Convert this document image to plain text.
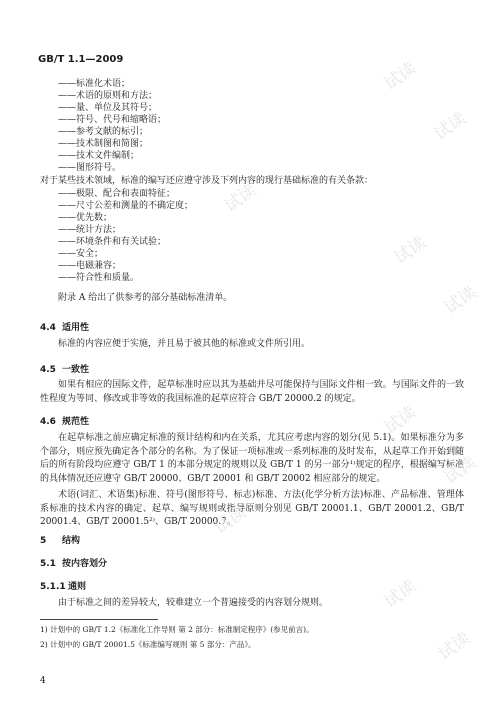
GB/T 1.1—2009
——标准化术语；
——术语的原则和方法；
——量、单位及其符号；
——符号、代号和缩略语；
——参考文献的标引；
——技术制图和简图；
——技术文件编制；
——图形符号。
对于某些技术领域，标准的编写还应遵守涉及下列内容的现行基础标准的有关条款：
——极限、配合和表面特征；
——尺寸公差和测量的不确定度；
——优先数；
——统计方法；
——环境条件和有关试验；
——安全；
——电磁兼容；
——符合性和质量。
附录 A 给出了供参考的部分基础标准清单。
4.4 适用性
标准的内容应便于实施，并且易于被其他的标准或文件所引用。
4.5 一致性
如果有相应的国际文件，起草标准时应以其为基础并尽可能保持与国际文件相一致。与国际文件的一致性程度为等同、修改或非等效的我国标准的起草应符合 GB/T 20000.2 的规定。
4.6 规范性
在起草标准之前应确定标准的预计结构和内在关系，尤其应考虑内容的划分(见 5.1)。如果标准分为多个部分，则应预先确定各个部分的名称。为了保证一项标准或一系列标准的及时发布，从起草工作开始到随后的所有阶段均应遵守 GB/T 1 的本部分规定的规则以及 GB/T 1 的另一部分¹⁾规定的程序，根据编写标准的具体情况还应遵守 GB/T 20000、GB/T 20001 和 GB/T 20002 相应部分的规定。
术语(词汇、术语集)标准、符号(图形符号、标志)标准、方法(化学分析方法)标准、产品标准、管理体系标准的技术内容的确定、起草、编写规则或指导原则分别见 GB/T 20001.1、GB/T 20001.2、GB/T 20001.4、GB/T 20001.5²⁾、GB/T 20000.7。
5 结构
5.1 按内容划分
5.1.1 通则
由于标准之间的差异较大，较难建立一个普遍接受的内容划分规则。
1) 计划中的 GB/T 1.2《标准化工作导则 第 2 部分：标准制定程序》(参见前言)。
2) 计划中的 GB/T 20001.5《标准编写规则 第 5 部分：产品》。
4
试读
试读
试读
试读
试读
试读
试读
试读
试读
试读
